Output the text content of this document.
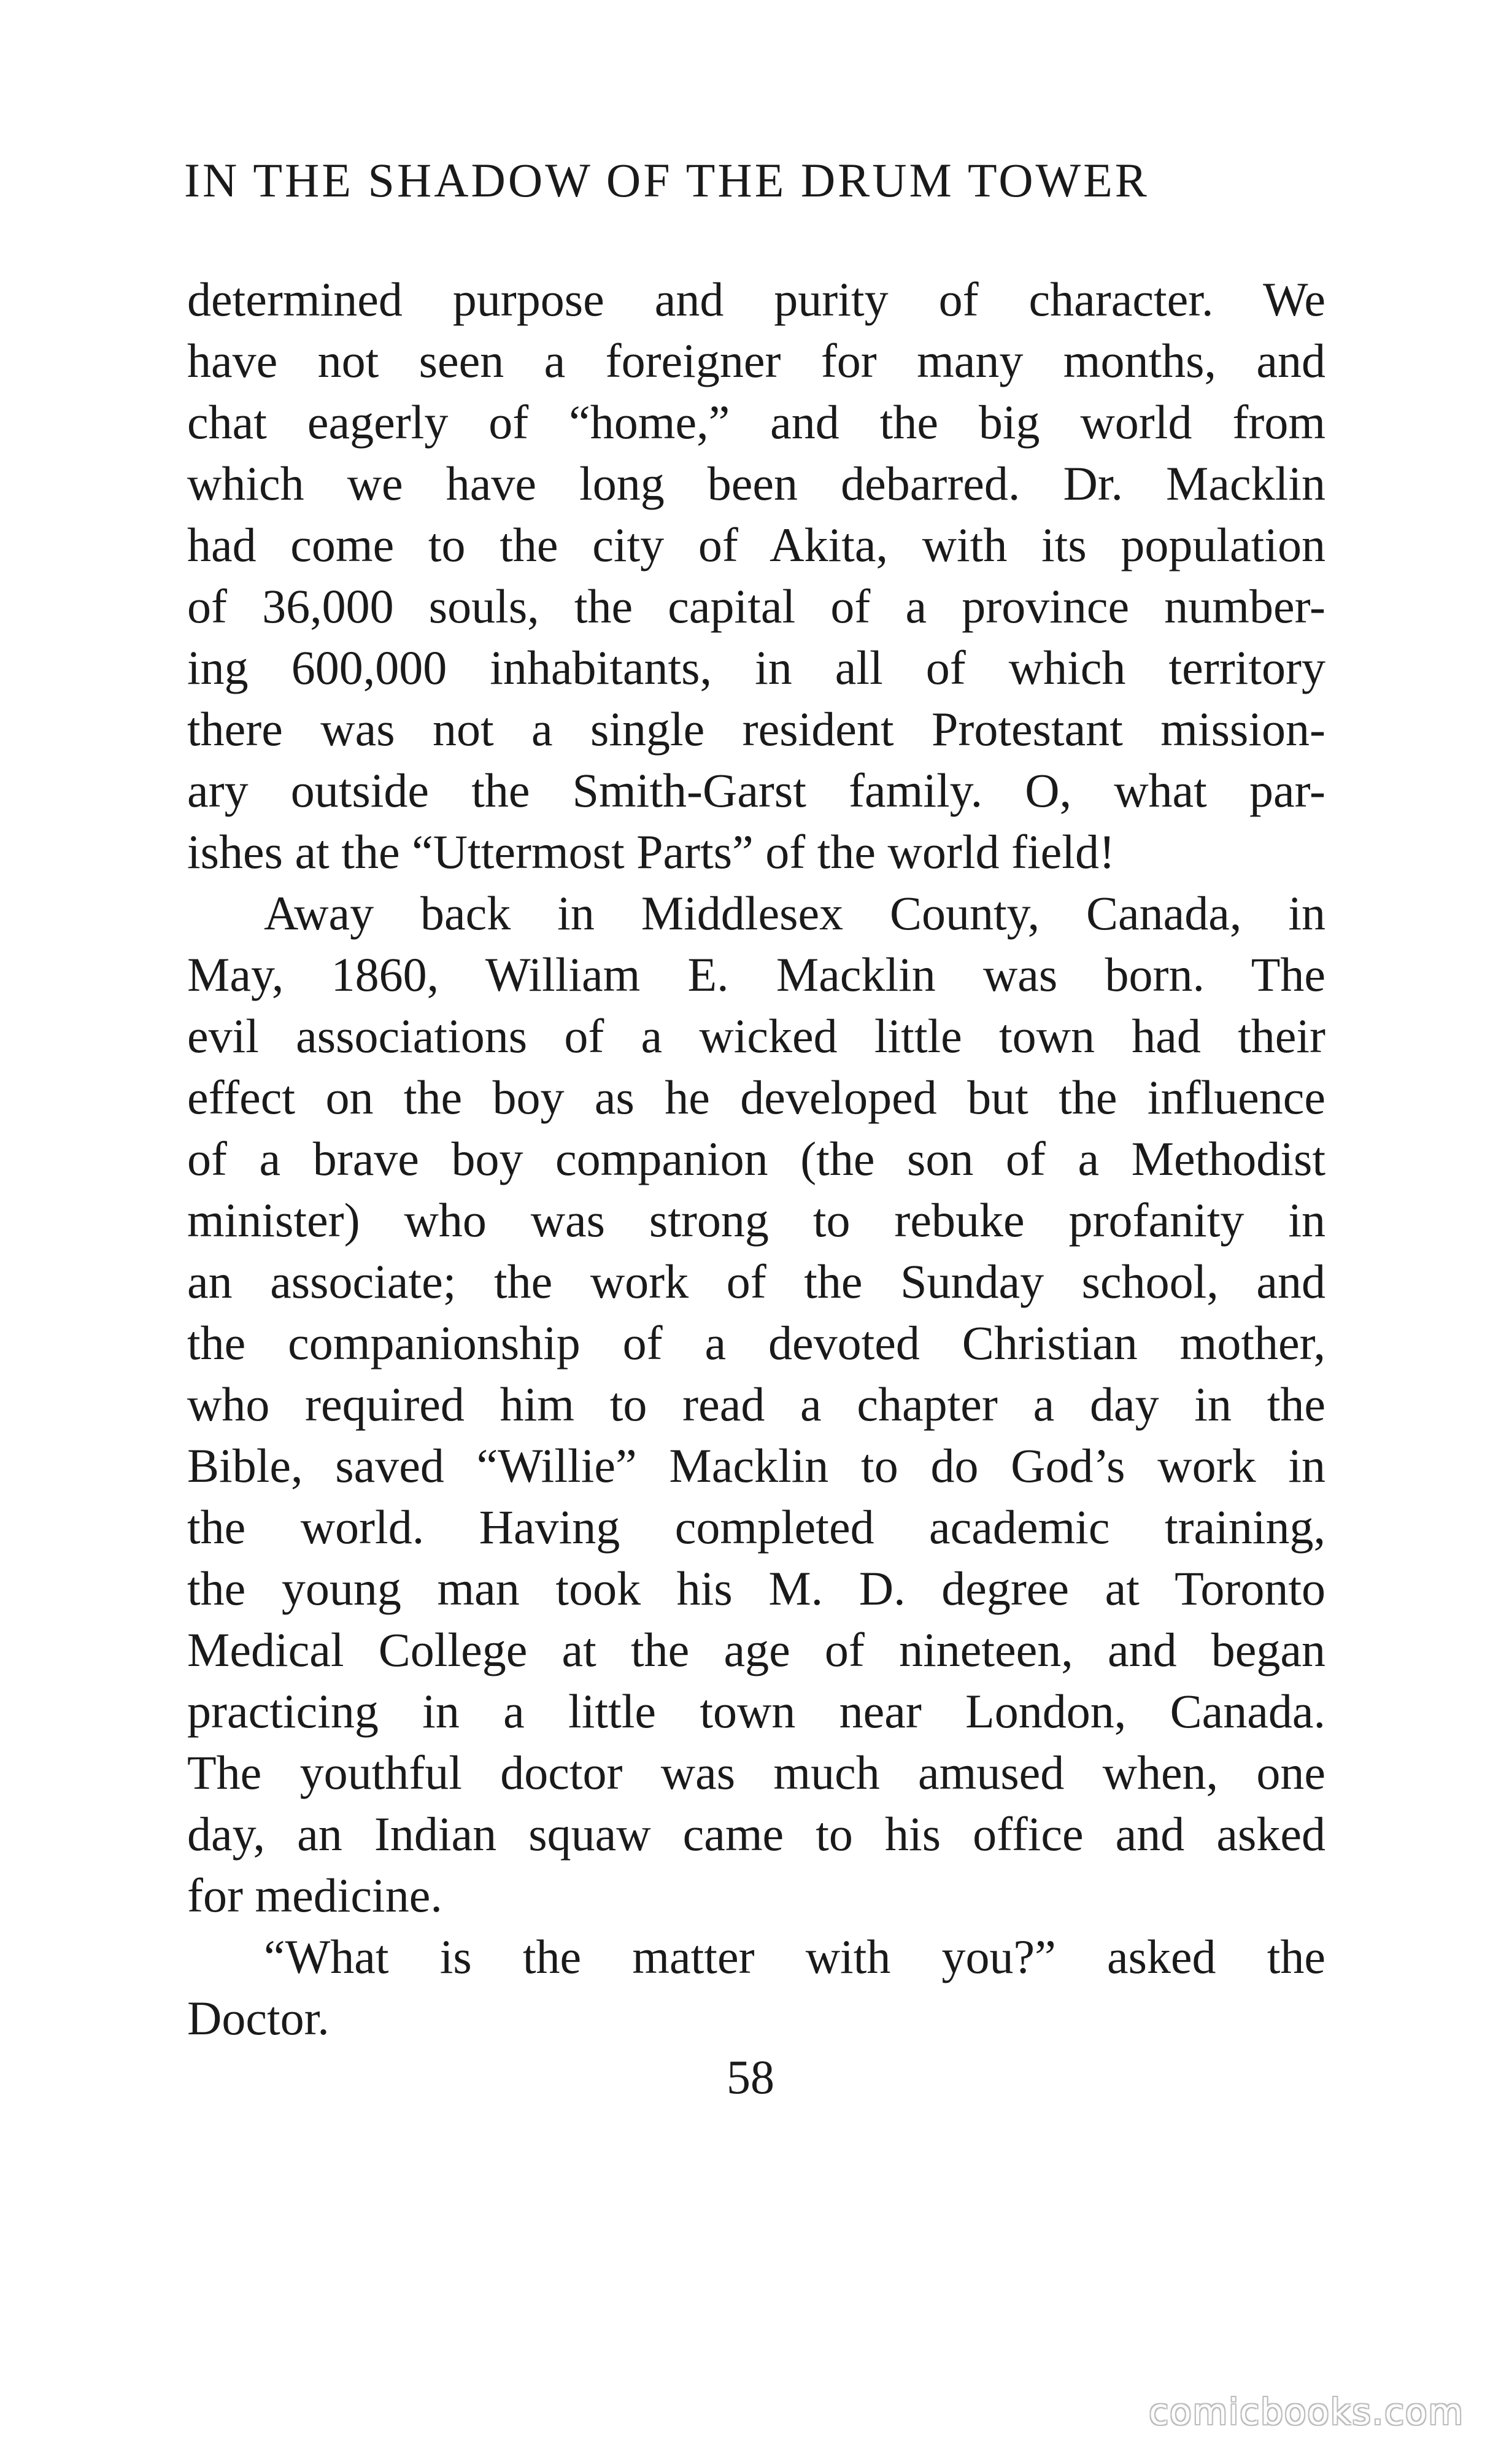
IN THE SHADOW OF THE DRUM TOWER
determined purpose and purity of character. We
have not seen a foreigner for many months, and
chat eagerly of “home,” and the big world from
which we have long been debarred. Dr. Macklin
had come to the city of Akita, with its population
of 36,000 souls, the capital of a province number-
ing 600,000 inhabitants, in all of which territory
there was not a single resident Protestant mission-
ary outside the Smith-Garst family. O, what par-
ishes at the “Uttermost Parts” of the world field!
Away back in Middlesex County, Canada, in
May, 1860, William E. Macklin was born. The
evil associations of a wicked little town had their
effect on the boy as he developed but the influence
of a brave boy companion (the son of a Methodist
minister) who was strong to rebuke profanity in
an associate; the work of the Sunday school, and
the companionship of a devoted Christian mother,
who required him to read a chapter a day in the
Bible, saved “Willie” Macklin to do God’s work in
the world. Having completed academic training,
the young man took his M. D. degree at Toronto
Medical College at the age of nineteen, and began
practicing in a little town near London, Canada.
The youthful doctor was much amused when, one
day, an Indian squaw came to his office and asked
for medicine.
“What is the matter with you?” asked the
Doctor.
58
comicbooks.com
